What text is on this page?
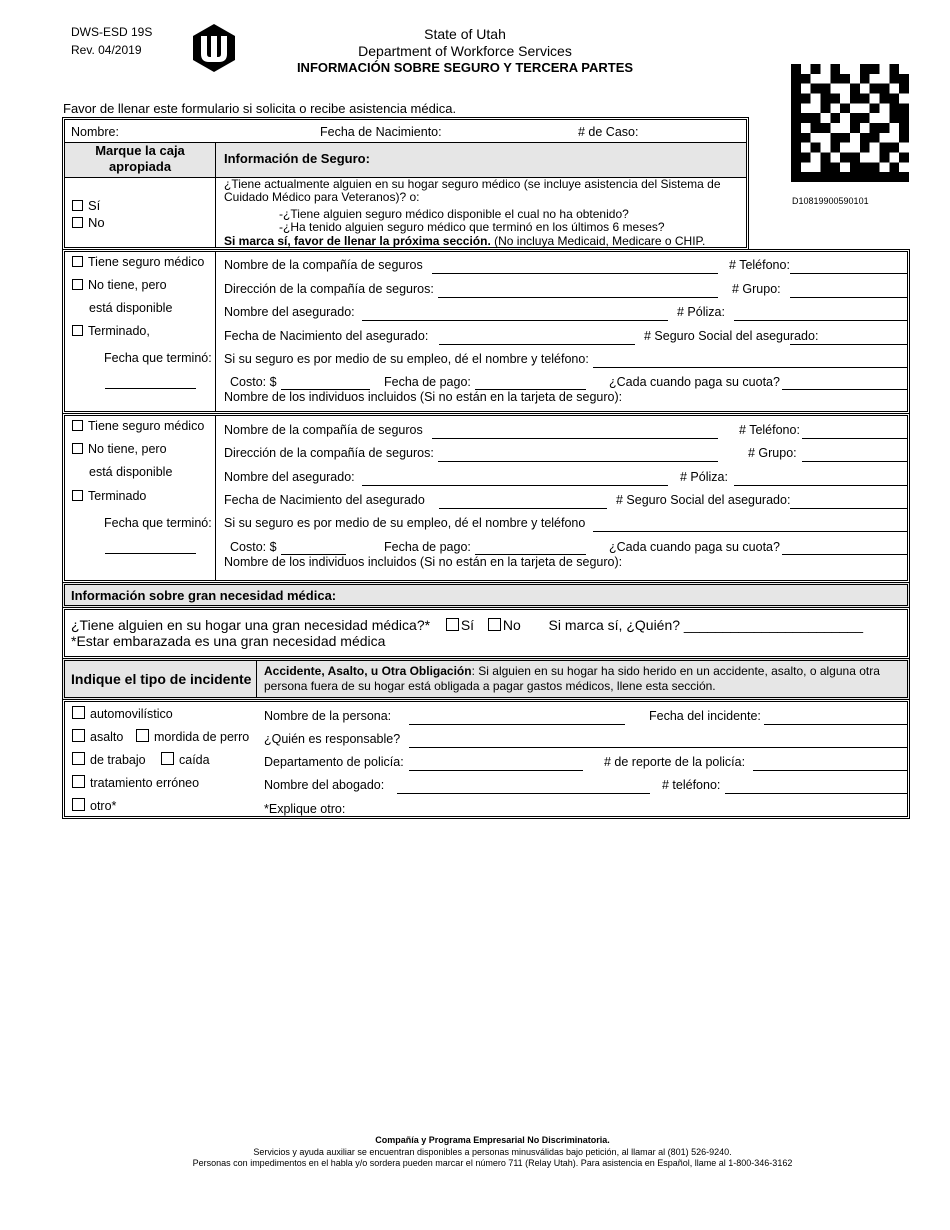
DWS-ESD 19S
Rev. 04/2019
State of Utah
Department of Workforce Services
INFORMACIÓN SOBRE SEGURO Y TERCERA PARTES
D10819900590101
Favor de llenar este formulario si solicita o recibe asistencia médica.
Nombre:	Fecha de Nacimiento:	# de Caso:
Marque la caja apropiada
Información de Seguro:
Sí
No
¿Tiene actualmente alguien en su hogar seguro médico (se incluye asistencia del Sistema de Cuidado Médico para Veteranos)? o:
-¿Tiene alguien seguro médico disponible el cual no ha obtenido?
-¿Ha tenido alguien seguro médico que terminó en los últimos 6 meses?
Si marca sí, favor de llenar la próxima sección. (No incluya Medicaid, Medicare o CHIP.
Tiene seguro médico
No tiene, pero
está disponible
Terminado,
Fecha que terminó:
Nombre de la compañía de seguros	# Teléfono:
Dirección de la compañía de seguros:	# Grupo:
Nombre del asegurado:	# Póliza:
Fecha de Nacimiento del asegurado:	# Seguro Social del asegurado:
Si su seguro es por medio de su empleo, dé el nombre y teléfono:
Costo: $	Fecha de pago:	¿Cada cuando paga su cuota?
Nombre de los individuos incluidos (Si no están en la tarjeta de seguro):
Tiene seguro médico
No tiene, pero
está disponible
Terminado
Fecha que terminó:
Nombre de la compañía de seguros	# Teléfono:
Dirección de la compañía de seguros:	# Grupo:
Nombre del asegurado:	# Póliza:
Fecha de Nacimiento del asegurado	# Seguro Social del asegurado:
Si su seguro es por medio de su empleo, dé el nombre y teléfono
Costo: $	Fecha de pago:	¿Cada cuando paga su cuota?
Nombre de los individuos incluidos (Si no están en la tarjeta de seguro):
Información sobre gran necesidad médica:
¿Tiene alguien en su hogar una gran necesidad médica?* Sí No Si marca sí, ¿Quién? _______________________
*Estar embarazada es una gran necesidad médica
Indique el tipo de incidente Accidente, Asalto, u Otra Obligación: Si alguien en su hogar ha sido herido en un accidente, asalto, o alguna otra persona fuera de su hogar está obligada a pagar gastos médicos, llene esta sección.
automovilístico
asalto	mordida de perro
de trabajo	caída
tratamiento erróneo
otro*
Nombre de la persona:	Fecha del incidente:
¿Quién es responsable?
Departamento de policía:	# de reporte de la policía:
Nombre del abogado:	# teléfono:
*Explique otro:
Compañía y Programa Empresarial No Discriminatoria.
Servicios y ayuda auxiliar se encuentran disponibles a personas minusválidas bajo petición, al llamar al (801) 526-9240.
Personas con impedimentos en el habla y/o sordera pueden marcar el número 711 (Relay Utah). Para asistencia en Español, llame al 1-800-346-3162
